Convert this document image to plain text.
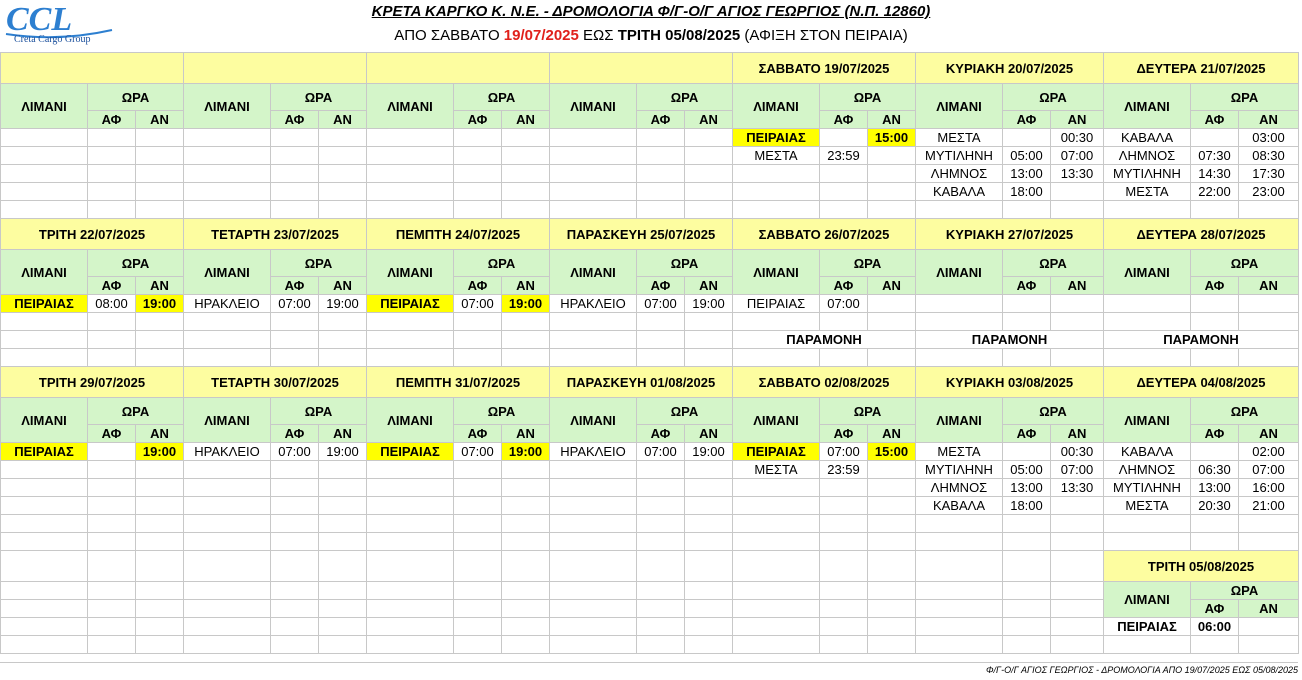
CCL
Creta Cargo Group
ΚΡΕΤΑ ΚΑΡΓΚΟ Κ. Ν.Ε. - ΔΡΟΜΟΛΟΓΙΑ Φ/Γ-Ο/Γ ΑΓΙΟΣ ΓΕΩΡΓΙΟΣ (Ν.Π. 12860)
ΑΠΟ ΣΑΒΒΑΤΟ 19/07/2025 ΕΩΣ ΤΡΙΤΗ 05/08/2025 (ΑΦΙΞΗ ΣΤΟΝ ΠΕΙΡΑΙΑ)
												ΣΑΒΒΑΤΟ 19/07/2025			ΚΥΡΙΑΚΗ 20/07/2025			ΔΕΥΤΕΡΑ 21/07/2025		
ΛΙΜΑΝΙ	ΩΡΑ		ΛΙΜΑΝΙ	ΩΡΑ		ΛΙΜΑΝΙ	ΩΡΑ		ΛΙΜΑΝΙ	ΩΡΑ		ΛΙΜΑΝΙ	ΩΡΑ		ΛΙΜΑΝΙ	ΩΡΑ		ΛΙΜΑΝΙ	ΩΡΑ	
	ΑΦ	ΑΝ		ΑΦ	ΑΝ		ΑΦ	ΑΝ		ΑΦ	ΑΝ		ΑΦ	ΑΝ		ΑΦ	ΑΝ		ΑΦ	ΑΝ
												ΠΕΙΡΑΙΑΣ		15:00	ΜΕΣΤΑ		00:30	ΚΑΒΑΛΑ		03:00
												ΜΕΣΤΑ	23:59		ΜΥΤΙΛΗΝΗ	05:00	07:00	ΛΗΜΝΟΣ	07:30	08:30
															ΛΗΜΝΟΣ	13:00	13:30	ΜΥΤΙΛΗΝΗ	14:30	17:30
															ΚΑΒΑΛΑ	18:00		ΜΕΣΤΑ	22:00	23:00

ΤΡΙΤΗ 22/07/2025			ΤΕΤΑΡΤΗ 23/07/2025			ΠΕΜΠΤΗ 24/07/2025			ΠΑΡΑΣΚΕΥΗ 25/07/2025			ΣΑΒΒΑΤΟ 26/07/2025			ΚΥΡΙΑΚΗ 27/07/2025			ΔΕΥΤΕΡΑ 28/07/2025		
ΛΙΜΑΝΙ	ΩΡΑ		ΛΙΜΑΝΙ	ΩΡΑ		ΛΙΜΑΝΙ	ΩΡΑ		ΛΙΜΑΝΙ	ΩΡΑ		ΛΙΜΑΝΙ	ΩΡΑ		ΛΙΜΑΝΙ	ΩΡΑ		ΛΙΜΑΝΙ	ΩΡΑ	
	ΑΦ	ΑΝ		ΑΦ	ΑΝ		ΑΦ	ΑΝ		ΑΦ	ΑΝ		ΑΦ	ΑΝ		ΑΦ	ΑΝ		ΑΦ	ΑΝ
ΠΕΙΡΑΙΑΣ	08:00	19:00	ΗΡΑΚΛΕΙΟ	07:00	19:00	ΠΕΙΡΑΙΑΣ	07:00	19:00	ΗΡΑΚΛΕΙΟ	07:00	19:00	ΠΕΙΡΑΙΑΣ	07:00							

												ΠΑΡΑΜΟΝΗ			ΠΑΡΑΜΟΝΗ			ΠΑΡΑΜΟΝΗ		

ΤΡΙΤΗ 29/07/2025			ΤΕΤΑΡΤΗ 30/07/2025			ΠΕΜΠΤΗ 31/07/2025			ΠΑΡΑΣΚΕΥΗ 01/08/2025			ΣΑΒΒΑΤΟ 02/08/2025			ΚΥΡΙΑΚΗ 03/08/2025			ΔΕΥΤΕΡΑ 04/08/2025		
ΛΙΜΑΝΙ	ΩΡΑ		ΛΙΜΑΝΙ	ΩΡΑ		ΛΙΜΑΝΙ	ΩΡΑ		ΛΙΜΑΝΙ	ΩΡΑ		ΛΙΜΑΝΙ	ΩΡΑ		ΛΙΜΑΝΙ	ΩΡΑ		ΛΙΜΑΝΙ	ΩΡΑ	
	ΑΦ	ΑΝ		ΑΦ	ΑΝ		ΑΦ	ΑΝ		ΑΦ	ΑΝ		ΑΦ	ΑΝ		ΑΦ	ΑΝ		ΑΦ	ΑΝ
ΠΕΙΡΑΙΑΣ		19:00	ΗΡΑΚΛΕΙΟ	07:00	19:00	ΠΕΙΡΑΙΑΣ	07:00	19:00	ΗΡΑΚΛΕΙΟ	07:00	19:00	ΠΕΙΡΑΙΑΣ	07:00	15:00	ΜΕΣΤΑ		00:30	ΚΑΒΑΛΑ		02:00
												ΜΕΣΤΑ	23:59		ΜΥΤΙΛΗΝΗ	05:00	07:00	ΛΗΜΝΟΣ	06:30	07:00
															ΛΗΜΝΟΣ	13:00	13:30	ΜΥΤΙΛΗΝΗ	13:00	16:00
															ΚΑΒΑΛΑ	18:00		ΜΕΣΤΑ	20:30	21:00

																		ΤΡΙΤΗ 05/08/2025		
																		ΛΙΜΑΝΙ	ΩΡΑ	
																			ΑΦ	ΑΝ
																		ΠΕΙΡΑΙΑΣ	06:00	

Φ/Γ-Ο/Γ ΑΓΙΟΣ ΓΕΩΡΓΙΟΣ - ΔΡΟΜΟΛΟΓΙΑ ΑΠΟ 19/07/2025 ΕΩΣ 05/08/2025
